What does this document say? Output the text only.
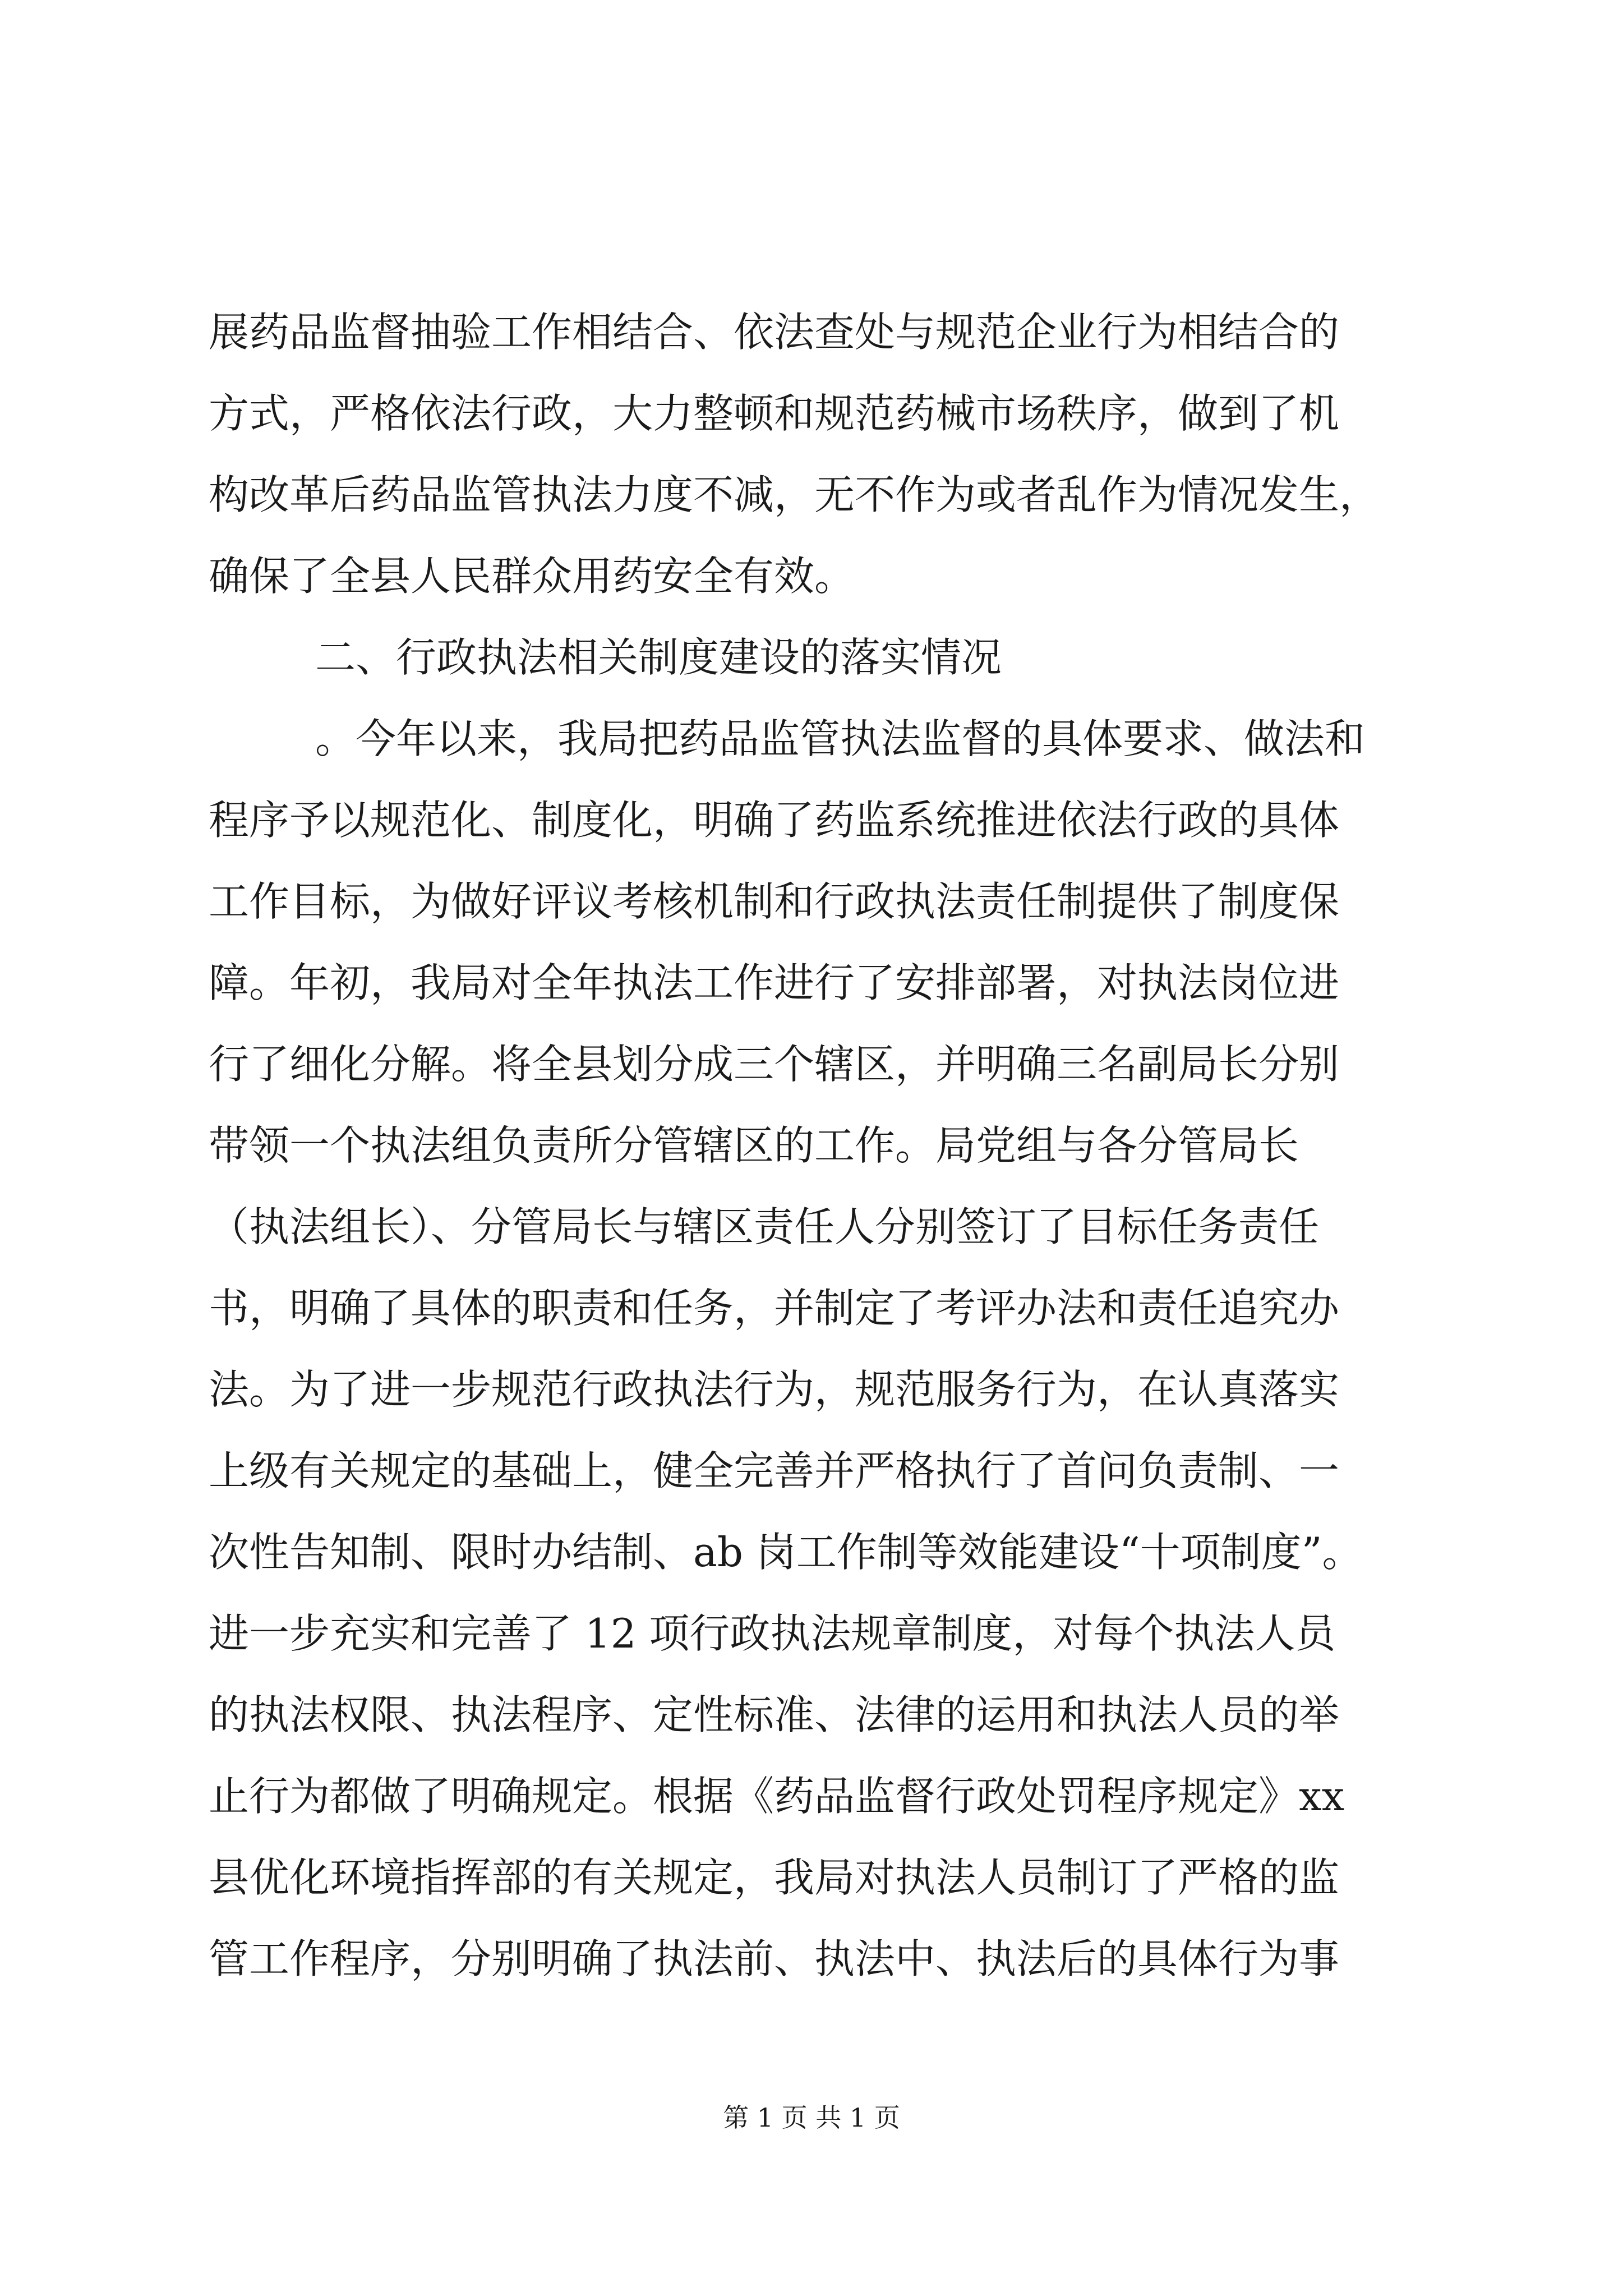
展药品监督抽验工作相结合、依法查处与规范企业行为相结合的
方式，严格依法行政，大力整顿和规范药械市场秩序，做到了机
构改革后药品监管执法力度不减，无不作为或者乱作为情况发生，
确保了全县人民群众用药安全有效。
二、行政执法相关制度建设的落实情况
。今年以来，我局把药品监管执法监督的具体要求、做法和
程序予以规范化、制度化，明确了药监系统推进依法行政的具体
工作目标，为做好评议考核机制和行政执法责任制提供了制度保
障。年初，我局对全年执法工作进行了安排部署，对执法岗位进
行了细化分解。将全县划分成三个辖区，并明确三名副局长分别
带领一个执法组负责所分管辖区的工作。局党组与各分管局长
（执法组长）、分管局长与辖区责任人分别签订了目标任务责任
书，明确了具体的职责和任务，并制定了考评办法和责任追究办
法。为了进一步规范行政执法行为，规范服务行为，在认真落实
上级有关规定的基础上，健全完善并严格执行了首问负责制、一
次性告知制、限时办结制、ab 岗工作制等效能建设“十项制度”。
进一步充实和完善了 12 项行政执法规章制度，对每个执法人员
的执法权限、执法程序、定性标准、法律的运用和执法人员的举
止行为都做了明确规定。根据《药品监督行政处罚程序规定》xx
县优化环境指挥部的有关规定，我局对执法人员制订了严格的监
管工作程序，分别明确了执法前、执法中、执法后的具体行为事
第 1 页 共 1 页
